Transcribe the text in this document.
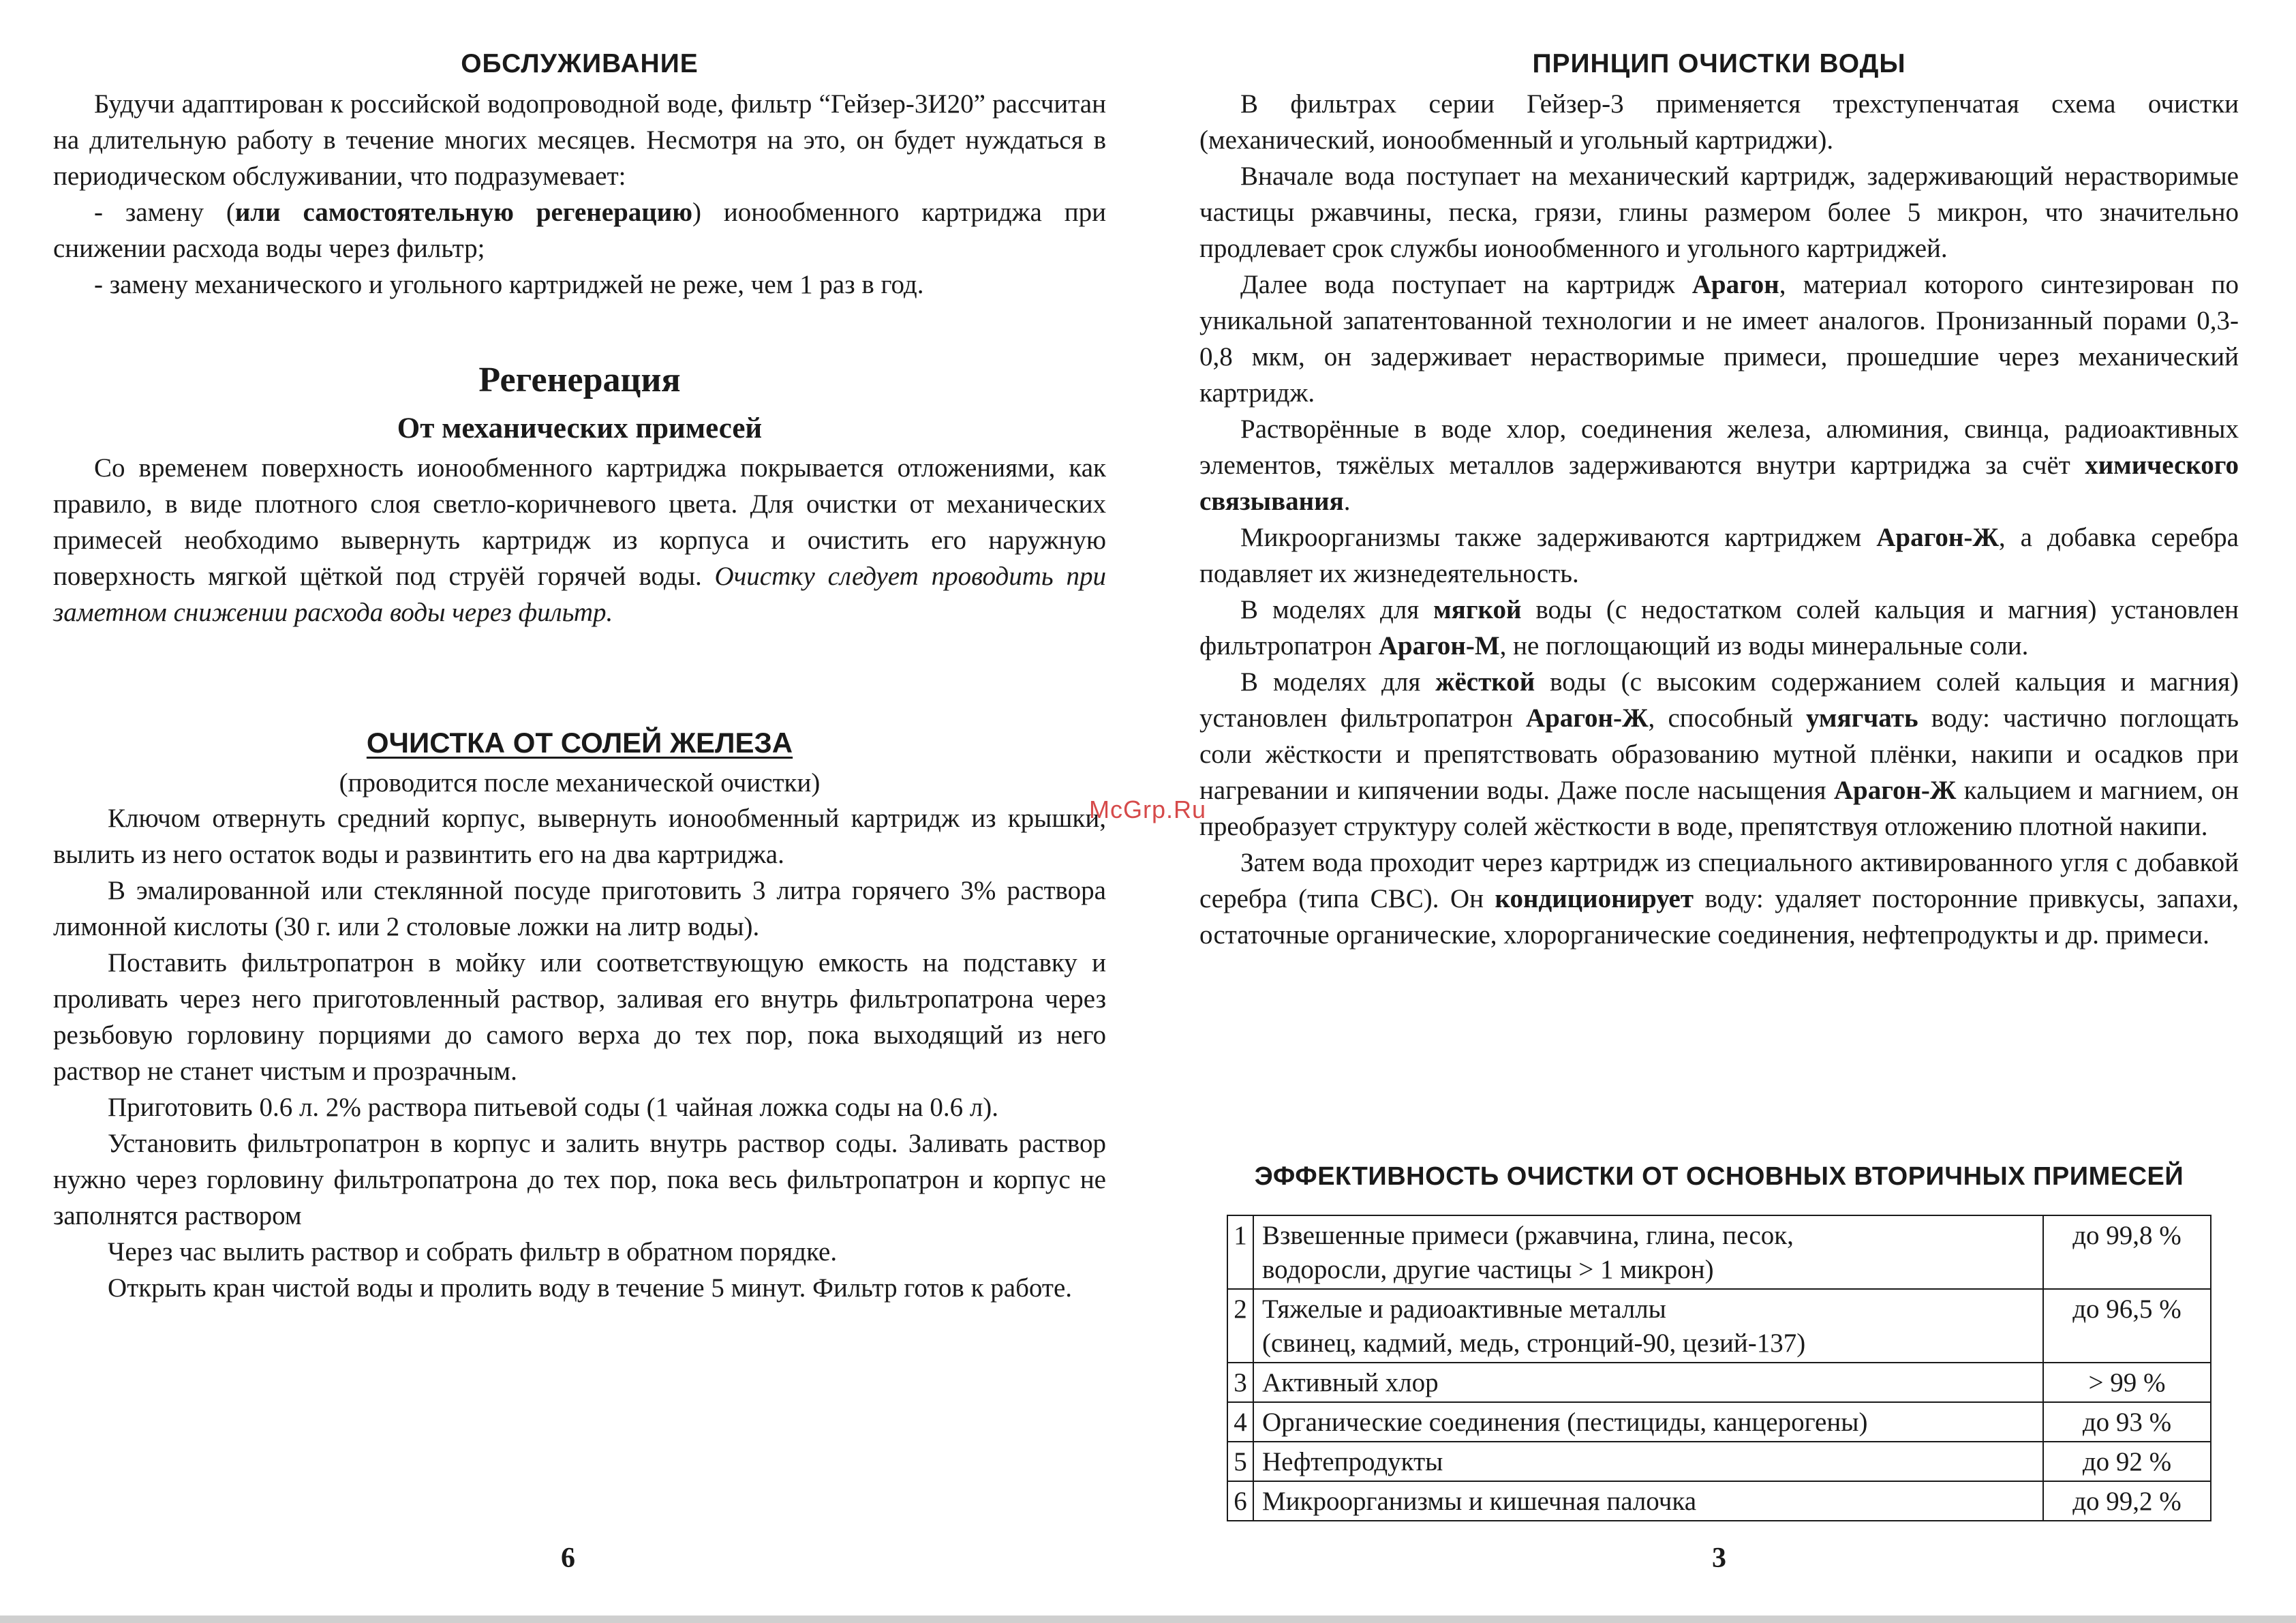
ОБСЛУЖИВАНИЕ

Будучи адаптирован к российской водопроводной воде, фильтр “Гейзер-3И20” рассчитан на длительную работу в течение многих месяцев. Несмотря на это, он будет нуждаться в периодическом обслуживании, что подразумевает:

- замену (или самостоятельную регенерацию) ионообменного картриджа при снижении расхода воды через фильтр;

- замену механического и угольного картриджей не реже, чем 1 раз в год.

Регенерация
От механических примесей

Со временем поверхность ионообменного картриджа покрывается отложениями, как правило, в виде плотного слоя светло-коричневого цвета. Для очистки от механических примесей необходимо вывернуть картридж из корпуса и очистить его наружную поверхность мягкой щёткой под струёй горячей воды. Очистку следует проводить при заметном снижении расхода воды через фильтр.

ОЧИСТКА ОТ СОЛЕЙ ЖЕЛЕЗА

(проводится после механической очистки)

Ключом отвернуть средний корпус, вывернуть ионообменный картридж из крышки, вылить из него остаток воды и развинтить его на два картриджа.

В эмалированной или стеклянной посуде приготовить 3 литра горячего 3% раствора лимонной кислоты (30 г. или 2 столовые ложки на литр воды).

Поставить фильтропатрон в мойку или соответствующую емкость на подставку и проливать через него приготовленный раствор, заливая его внутрь фильтропатрона через резьбовую горловину порциями до самого верха до тех пор, пока выходящий из него раствор не станет чистым и прозрачным.

Приготовить 0.6 л. 2% раствора питьевой соды (1 чайная ложка соды на 0.6 л).

Установить фильтропатрон в корпус и залить внутрь раствор соды. Заливать раствор нужно через горловину фильтропатрона до тех пор, пока весь фильтропатрон и корпус не заполнятся раствором

Через час вылить раствор и собрать фильтр в обратном порядке.

Открыть кран чистой воды и пролить воду в течение 5 минут. Фильтр готов к работе.

6
ПРИНЦИП ОЧИСТКИ ВОДЫ

В фильтрах серии Гейзер-3 применяется трехступенчатая схема очистки (механический, ионообменный и угольный картриджи).

Вначале вода поступает на механический картридж, задерживающий нерастворимые частицы ржавчины, песка, грязи, глины размером более 5 микрон, что значительно продлевает срок службы ионообменного и угольного картриджей.

Далее вода поступает на картридж Арагон, материал которого синтезирован по уникальной запатентованной технологии и не имеет аналогов. Пронизанный порами 0,3-0,8 мкм, он задерживает нерастворимые примеси, прошедшие через механический картридж.

Растворённые в воде хлор, соединения железа, алюминия, свинца, радиоактивных элементов, тяжёлых металлов задерживаются внутри картриджа за счёт химического связывания.

Микроорганизмы также задерживаются картриджем Арагон-Ж, а добавка серебра подавляет их жизнедеятельность.

В моделях для мягкой воды (с недостатком солей кальция и магния) установлен фильтропатрон Арагон-М, не поглощающий из воды минеральные соли.

В моделях для жёсткой воды (с высоким содержанием солей кальция и магния) установлен фильтропатрон Арагон-Ж, способный умягчать воду: частично поглощать соли жёсткости и препятствовать образованию мутной плёнки, накипи и осадков при нагревании и кипячении воды. Даже после насыщения Арагон-Ж кальцием и магнием, он преобразует структуру солей жёсткости в воде, препятствуя отложению плотной накипи.

Затем вода проходит через картридж из специального активированного угля с добавкой серебра (типа СВС). Он кондиционирует воду: удаляет посторонние привкусы, запахи, остаточные органические, хлорорганические соединения, нефтепродукты и др. примеси.

ЭФФЕКТИВНОСТЬ ОЧИСТКИ ОТ ОСНОВНЫХ ВТОРИЧНЫХ ПРИМЕСЕЙ
1	Взвешенные примеси (ржавчина, глина, песок,
водоросли, другие частицы > 1 микрон)	до 99,8 %
2	Тяжелые и радиоактивные металлы
(свинец, кадмий, медь, стронций-90, цезий-137)	до 96,5 %
3	Активный хлор	> 99 %
4	Органические соединения (пестициды, канцерогены)	до 93 %
5	Нефтепродукты	до 92 %
6	Микроорганизмы и кишечная палочка	до 99,2 %
3
McGrp.Ru
